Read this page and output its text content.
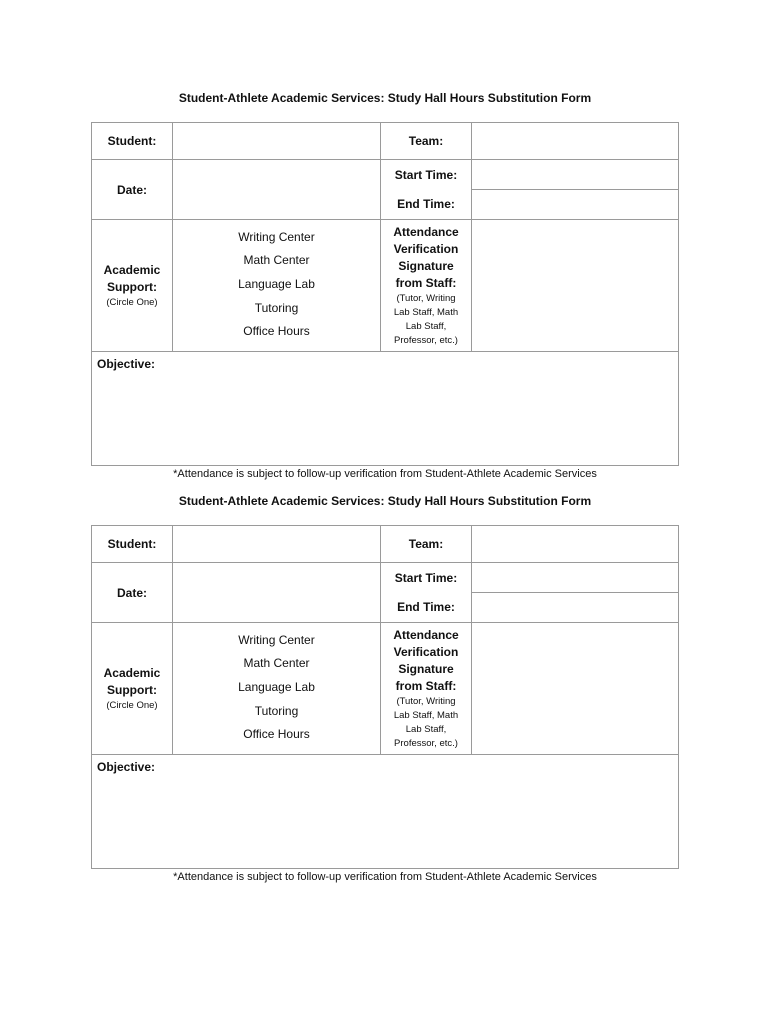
Student-Athlete Academic Services: Study Hall Hours Substitution Form
Student:	Team:
Date:
Start Time:
End Time:
Academic
Support:
(Circle One)
Writing Center
Math Center
Language Lab
Tutoring
Office Hours
Attendance
Verification
Signature
from Staff:
(Tutor, Writing
Lab Staff, Math
Lab Staff,
Professor, etc.)
Objective:
*Attendance is subject to follow-up verification from Student-Athlete Academic Services
Student-Athlete Academic Services: Study Hall Hours Substitution Form
Student:	Team:
Date:
Start Time:
End Time:
Academic
Support:
(Circle One)
Writing Center
Math Center
Language Lab
Tutoring
Office Hours
Attendance
Verification
Signature
from Staff:
(Tutor, Writing
Lab Staff, Math
Lab Staff,
Professor, etc.)
Objective:
*Attendance is subject to follow-up verification from Student-Athlete Academic Services
